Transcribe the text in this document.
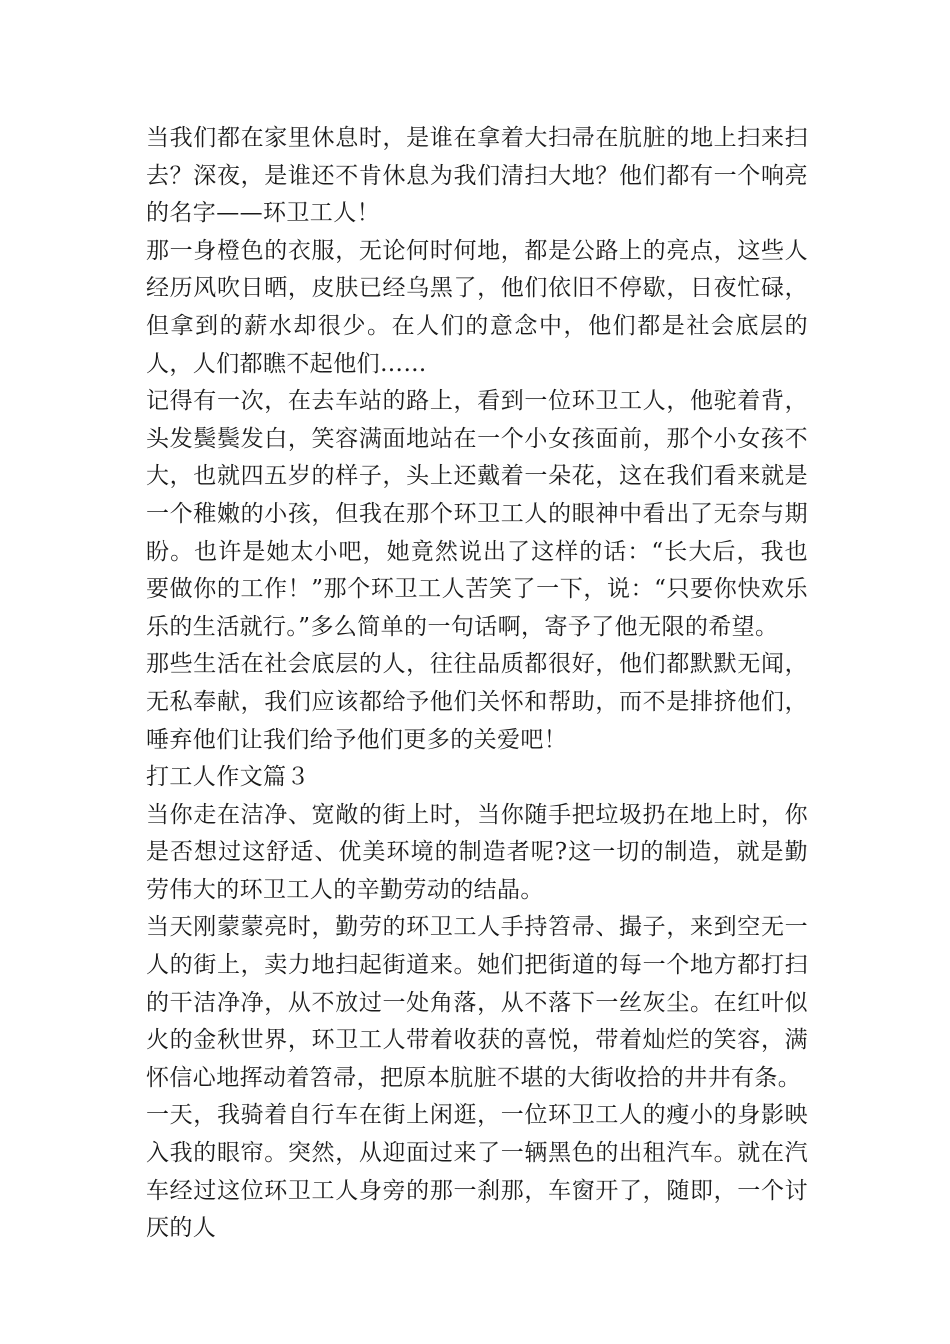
当我们都在家里休息时，是谁在拿着大扫帚在肮脏的地上扫来扫去？深夜，是谁还不肯休息为我们清扫大地？他们都有一个响亮的名字——环卫工人！

那一身橙色的衣服，无论何时何地，都是公路上的亮点，这些人经历风吹日晒，皮肤已经乌黑了，他们依旧不停歇，日夜忙碌，但拿到的薪水却很少。在人们的意念中，他们都是社会底层的人，人们都瞧不起他们……

记得有一次，在去车站的路上，看到一位环卫工人，他驼着背，头发鬓鬓发白，笑容满面地站在一个小女孩面前，那个小女孩不大，也就四五岁的样子，头上还戴着一朵花，这在我们看来就是一个稚嫩的小孩，但我在那个环卫工人的眼神中看出了无奈与期盼。也许是她太小吧，她竟然说出了这样的话：“长大后，我也要做你的工作！”那个环卫工人苦笑了一下，说：“只要你快欢乐乐的生活就行。”多么简单的一句话啊，寄予了他无限的希望。

那些生活在社会底层的人，往往品质都很好，他们都默默无闻，无私奉献，我们应该都给予他们关怀和帮助，而不是排挤他们，唾弃他们让我们给予他们更多的关爱吧！

打工人作文篇３

当你走在洁净、宽敞的街上时，当你随手把垃圾扔在地上时，你是否想过这舒适、优美环境的制造者呢?这一切的制造，就是勤劳伟大的环卫工人的辛勤劳动的结晶。

当天刚蒙蒙亮时，勤劳的环卫工人手持笤帚、撮子，来到空无一人的街上，卖力地扫起街道来。她们把街道的每一个地方都打扫的干洁净净，从不放过一处角落，从不落下一丝灰尘。在红叶似火的金秋世界，环卫工人带着收获的喜悦，带着灿烂的笑容，满怀信心地挥动着笤帚，把原本肮脏不堪的大街收拾的井井有条。

一天，我骑着自行车在街上闲逛，一位环卫工人的瘦小的身影映入我的眼帘。突然，从迎面过来了一辆黑色的出租汽车。就在汽车经过这位环卫工人身旁的那一刹那，车窗开了，随即，一个讨厌的人
